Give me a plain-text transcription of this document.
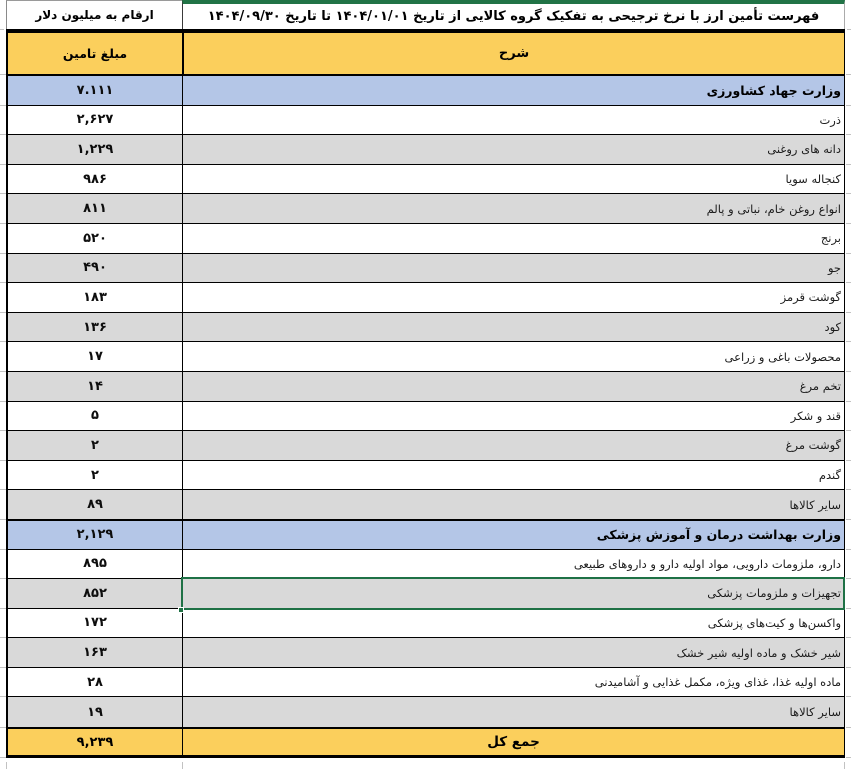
فهرست تأمین ارز با نرخ ترجیحی به تفکیک گروه کالایی از تاریخ ۱۴۰۴/۰۱/۰۱ تا تاریخ ۱۴۰۴/۰۹/۳۰
ارقام به میلیون دلار
شرح
مبلغ تامین
وزارت جهاد کشاورزی
۷.۱۱۱
ذرت
۲,۶۲۷
دانه های روغنی
۱,۲۲۹
کنجاله سویا
۹۸۶
انواع روغن خام، نباتی و پالم
۸۱۱
برنج
۵۲۰
جو
۴۹۰
گوشت قرمز
۱۸۳
کود
۱۳۶
محصولات باغی و زراعی
۱۷
تخم مرغ
۱۴
قند و شکر
۵
گوشت مرغ
۲
گندم
۲
سایر کالاها
۸۹
وزارت بهداشت درمان و آموزش پزشکی
۲,۱۲۹
دارو، ملزومات دارویی، مواد اولیه دارو و داروهای طبیعی
۸۹۵
تجهیزات و ملزومات پزشکی
۸۵۲
واکسن‌ها و کیت‌های پزشکی
۱۷۲
شیر خشک و ماده اولیه شیر خشک
۱۶۳
ماده اولیه غذا، غذای ویژه، مکمل غذایی و آشامیدنی
۲۸
سایر کالاها
۱۹
جمع کل
۹,۲۳۹
